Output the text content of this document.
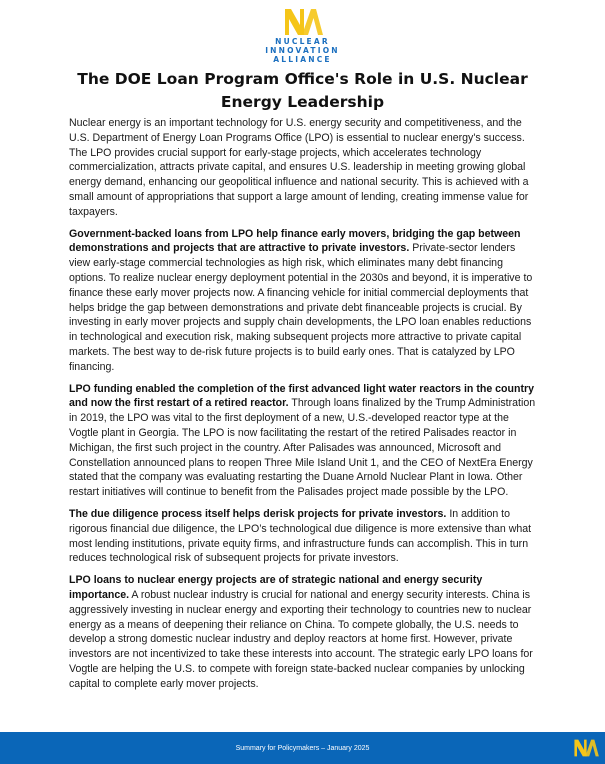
NUCLEAR
INNOVATION
ALLIANCE
The DOE Loan Program Office's Role in U.S. Nuclear Energy Leadership

Nuclear energy is an important technology for U.S. energy security and competitiveness, and the U.S. Department of Energy Loan Programs Office (LPO) is essential to nuclear energy's success. The LPO provides crucial support for early-stage projects, which accelerates technology commercialization, attracts private capital, and ensures U.S. leadership in meeting growing global energy demand, enhancing our geopolitical influence and national security. This is achieved with a small amount of appropriations that support a large amount of lending, creating immense value for taxpayers.

Government-backed loans from LPO help finance early movers, bridging the gap between demonstrations and projects that are attractive to private investors. Private-sector lenders view early-stage commercial technologies as high risk, which eliminates many debt financing options. To realize nuclear energy deployment potential in the 2030s and beyond, it is imperative to finance these early mover projects now. A financing vehicle for initial commercial deployments that helps bridge the gap between demonstrations and private debt financeable projects is crucial. By investing in early mover projects and supply chain developments, the LPO loan enables reductions in technological and execution risk, making subsequent projects more attractive to private capital markets. The best way to de-risk future projects is to build early ones. That is catalyzed by LPO financing.

LPO funding enabled the completion of the first advanced light water reactors in the country and now the first restart of a retired reactor. Through loans finalized by the Trump Administration in 2019, the LPO was vital to the first deployment of a new, U.S.-developed reactor type at the Vogtle plant in Georgia. The LPO is now facilitating the restart of the retired Palisades reactor in Michigan, the first such project in the country. After Palisades was announced, Microsoft and Constellation announced plans to reopen Three Mile Island Unit 1, and the CEO of NextEra Energy stated that the company was evaluating restarting the Duane Arnold Nuclear Plant in Iowa. Other restart initiatives will continue to benefit from the Palisades project made possible by the LPO.

The due diligence process itself helps derisk projects for private investors. In addition to rigorous financial due diligence, the LPO’s technological due diligence is more extensive than what most lending institutions, private equity firms, and infrastructure funds can accomplish. This in turn reduces technological risk of subsequent projects for private investors.

LPO loans to nuclear energy projects are of strategic national and energy security importance. A robust nuclear industry is crucial for national and energy security interests. China is aggressively investing in nuclear energy and exporting their technology to countries new to nuclear energy as a means of deepening their reliance on China. To compete globally, the U.S. needs to develop a strong domestic nuclear industry and deploy reactors at home first. However, private investors are not incentivized to take these interests into account. The strategic early LPO loans for Vogtle are helping the U.S. to compete with foreign state-backed nuclear companies by unlocking capital to complete early mover projects.

Summary for Policymakers – January 2025
